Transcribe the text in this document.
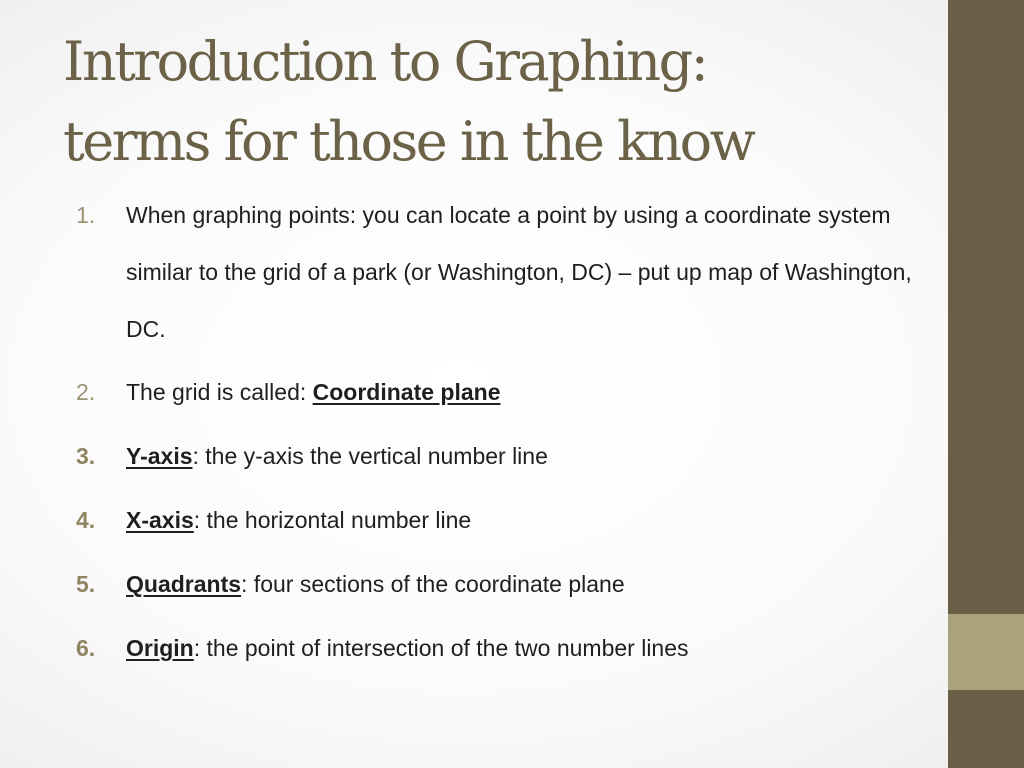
Introduction to Graphing:
terms for those in the know
1. When graphing points: you can locate a point by using a coordinate system similar to the grid of a park (or Washington, DC) – put up map of Washington, DC.
2. The grid is called: Coordinate plane
3. Y-axis: the y-axis the vertical number line
4. X-axis: the horizontal number line
5. Quadrants: four sections of the coordinate plane
6. Origin: the point of intersection of the two number lines
